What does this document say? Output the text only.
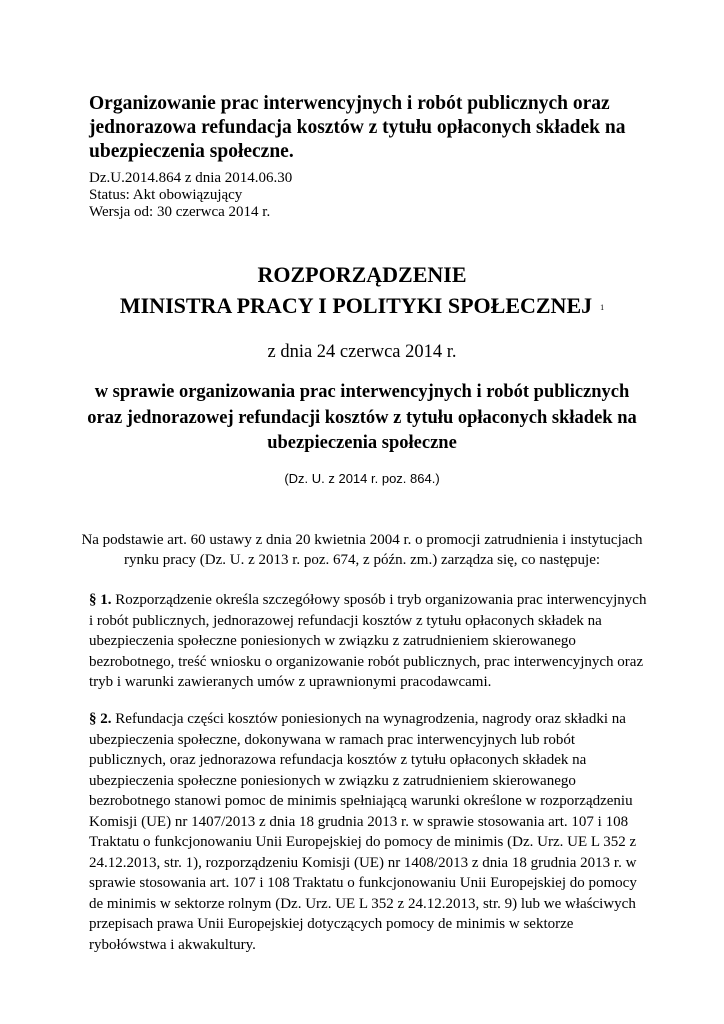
Organizowanie prac interwencyjnych i robót publicznych oraz jednorazowa refundacja kosztów z tytułu opłaconych składek na ubezpieczenia społeczne.
Dz.U.2014.864 z dnia 2014.06.30
Status: Akt obowiązujący
Wersja od: 30 czerwca 2014 r.
ROZPORZĄDZENIE
MINISTRA PRACY I POLITYKI SPOŁECZNEJ 1
z dnia 24 czerwca 2014 r.
w sprawie organizowania prac interwencyjnych i robót publicznych
oraz jednorazowej refundacji kosztów z tytułu opłaconych składek na
ubezpieczenia społeczne
(Dz. U. z 2014 r. poz. 864.)
Na podstawie art. 60 ustawy z dnia 20 kwietnia 2004 r. o promocji zatrudnienia i instytucjach
rynku pracy (Dz. U. z 2013 r. poz. 674, z późn. zm.) zarządza się, co następuje:
§ 1. Rozporządzenie określa szczegółowy sposób i tryb organizowania prac interwencyjnych
i robót publicznych, jednorazowej refundacji kosztów z tytułu opłaconych składek na
ubezpieczenia społeczne poniesionych w związku z zatrudnieniem skierowanego
bezrobotnego, treść wniosku o organizowanie robót publicznych, prac interwencyjnych oraz
tryb i warunki zawieranych umów z uprawnionymi pracodawcami.
§ 2. Refundacja części kosztów poniesionych na wynagrodzenia, nagrody oraz składki na
ubezpieczenia społeczne, dokonywana w ramach prac interwencyjnych lub robót
publicznych, oraz jednorazowa refundacja kosztów z tytułu opłaconych składek na
ubezpieczenia społeczne poniesionych w związku z zatrudnieniem skierowanego
bezrobotnego stanowi pomoc de minimis spełniającą warunki określone w rozporządzeniu
Komisji (UE) nr 1407/2013 z dnia 18 grudnia 2013 r. w sprawie stosowania art. 107 i 108
Traktatu o funkcjonowaniu Unii Europejskiej do pomocy de minimis (Dz. Urz. UE L 352 z
24.12.2013, str. 1), rozporządzeniu Komisji (UE) nr 1408/2013 z dnia 18 grudnia 2013 r. w
sprawie stosowania art. 107 i 108 Traktatu o funkcjonowaniu Unii Europejskiej do pomocy
de minimis w sektorze rolnym (Dz. Urz. UE L 352 z 24.12.2013, str. 9) lub we właściwych
przepisach prawa Unii Europejskiej dotyczących pomocy de minimis w sektorze
rybołówstwa i akwakultury.
